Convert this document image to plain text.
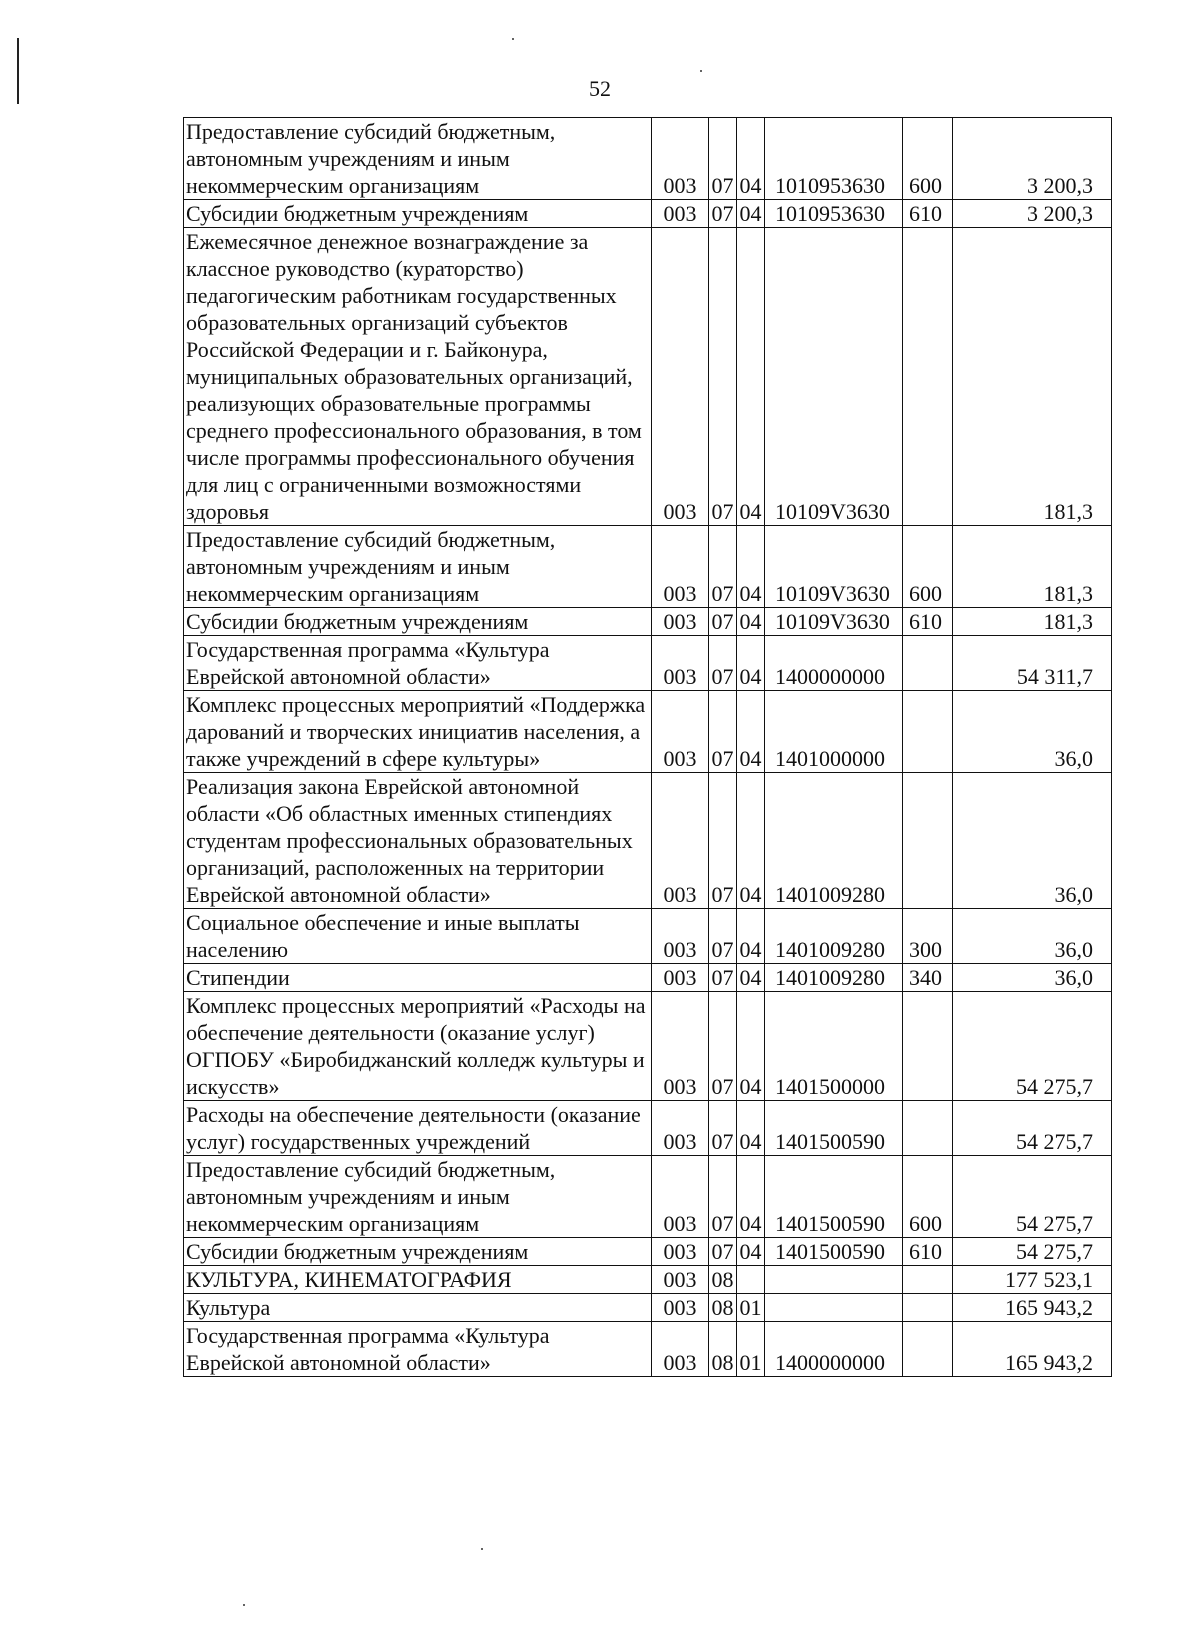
52
Предоставление субсидий бюджетным, автономным учреждениям и иным некоммерческим организациям	003	07	04	1010953630	600	3 200,3
Субсидии бюджетным учреждениям	003	07	04	1010953630	610	3 200,3
Ежемесячное денежное вознаграждение за классное руководство (кураторство) педагогическим работникам государственных образовательных организаций субъектов Российской Федерации и г. Байконура, муниципальных образовательных организаций, реализующих образовательные программы среднего профессионального образования, в том числе программы профессионального обучения для лиц с ограниченными возможностями здоровья	003	07	04	10109V3630		181,3
Предоставление субсидий бюджетным, автономным учреждениям и иным некоммерческим организациям	003	07	04	10109V3630	600	181,3
Субсидии бюджетным учреждениям	003	07	04	10109V3630	610	181,3
Государственная программа «Культура Еврейской автономной области»	003	07	04	1400000000		54 311,7
Комплекс процессных мероприятий «Поддержка дарований и творческих инициатив населения, а также учреждений в сфере культуры»	003	07	04	1401000000		36,0
Реализация закона Еврейской автономной области «Об областных именных стипендиях студентам профессиональных образовательных организаций, расположенных на территории Еврейской автономной области»	003	07	04	1401009280		36,0
Социальное обеспечение и иные выплаты населению	003	07	04	1401009280	300	36,0
Стипендии	003	07	04	1401009280	340	36,0
Комплекс процессных мероприятий «Расходы на обеспечение деятельности (оказание услуг) ОГПОБУ «Биробиджанский колледж культуры и искусств»	003	07	04	1401500000		54 275,7
Расходы на обеспечение деятельности (оказание услуг) государственных учреждений	003	07	04	1401500590		54 275,7
Предоставление субсидий бюджетным, автономным учреждениям и иным некоммерческим организациям	003	07	04	1401500590	600	54 275,7
Субсидии бюджетным учреждениям	003	07	04	1401500590	610	54 275,7
КУЛЬТУРА, КИНЕМАТОГРАФИЯ	003	08				177 523,1
Культура	003	08	01			165 943,2
Государственная программа «Культура Еврейской автономной области»	003	08	01	1400000000		165 943,2
